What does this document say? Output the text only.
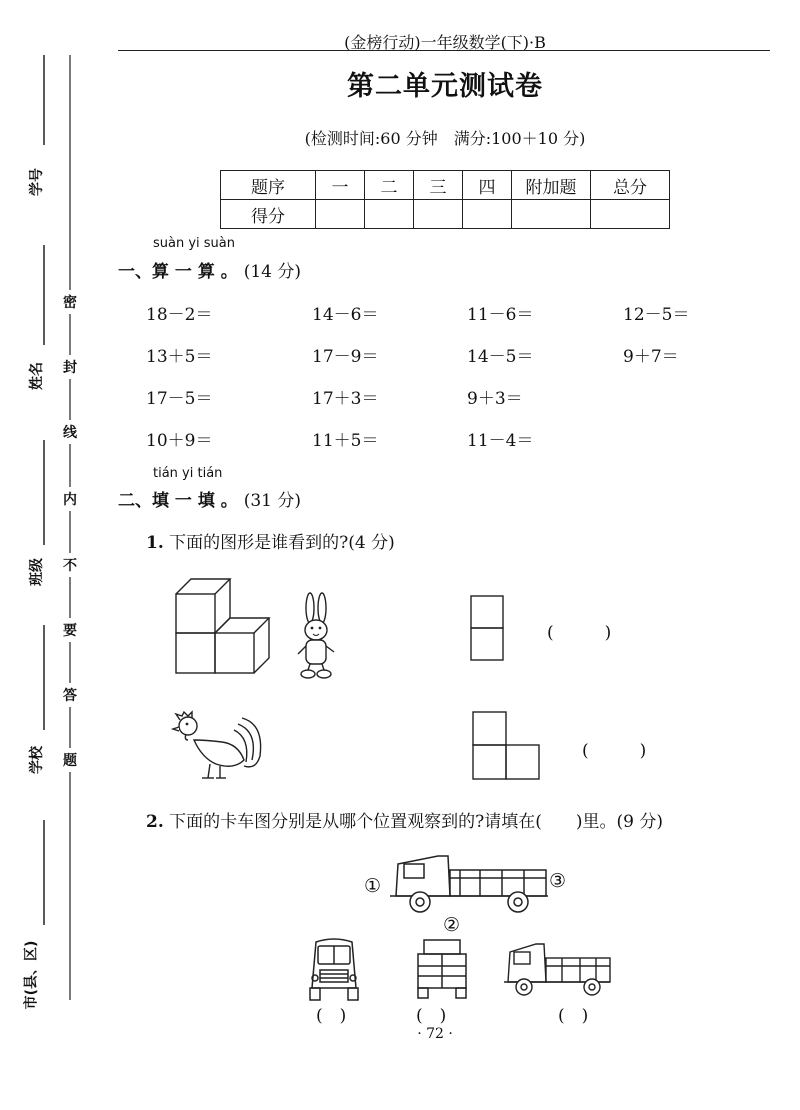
学号
姓名
班级
学校
市(县、区)
密
封
线
内
不
要
答
题
(金榜行动)一年级数学(下)·B
第二单元测试卷
(检测时间:60 分钟　满分:100＋10 分)
题序	一	二	三	四	附加题	总分
得分						
suàn yi suàn
一、算 一 算 。 (14 分)
18－2＝	14－6＝	11－6＝	12－5＝
13＋5＝	17－9＝	14－5＝	9＋7＝
17－5＝	17＋3＝	9＋3＝
10＋9＝	11＋5＝	11－4＝
tián yi tián
二、填 一 填 。 (31 分)
1. 下面的图形是谁看到的?(4 分)
(　　　)
(　　　)
2. 下面的卡车图分别是从哪个位置观察到的?请填在(　　)里。(9 分)
①	③
②
(　)	(　)	(　)
· 72 ·
